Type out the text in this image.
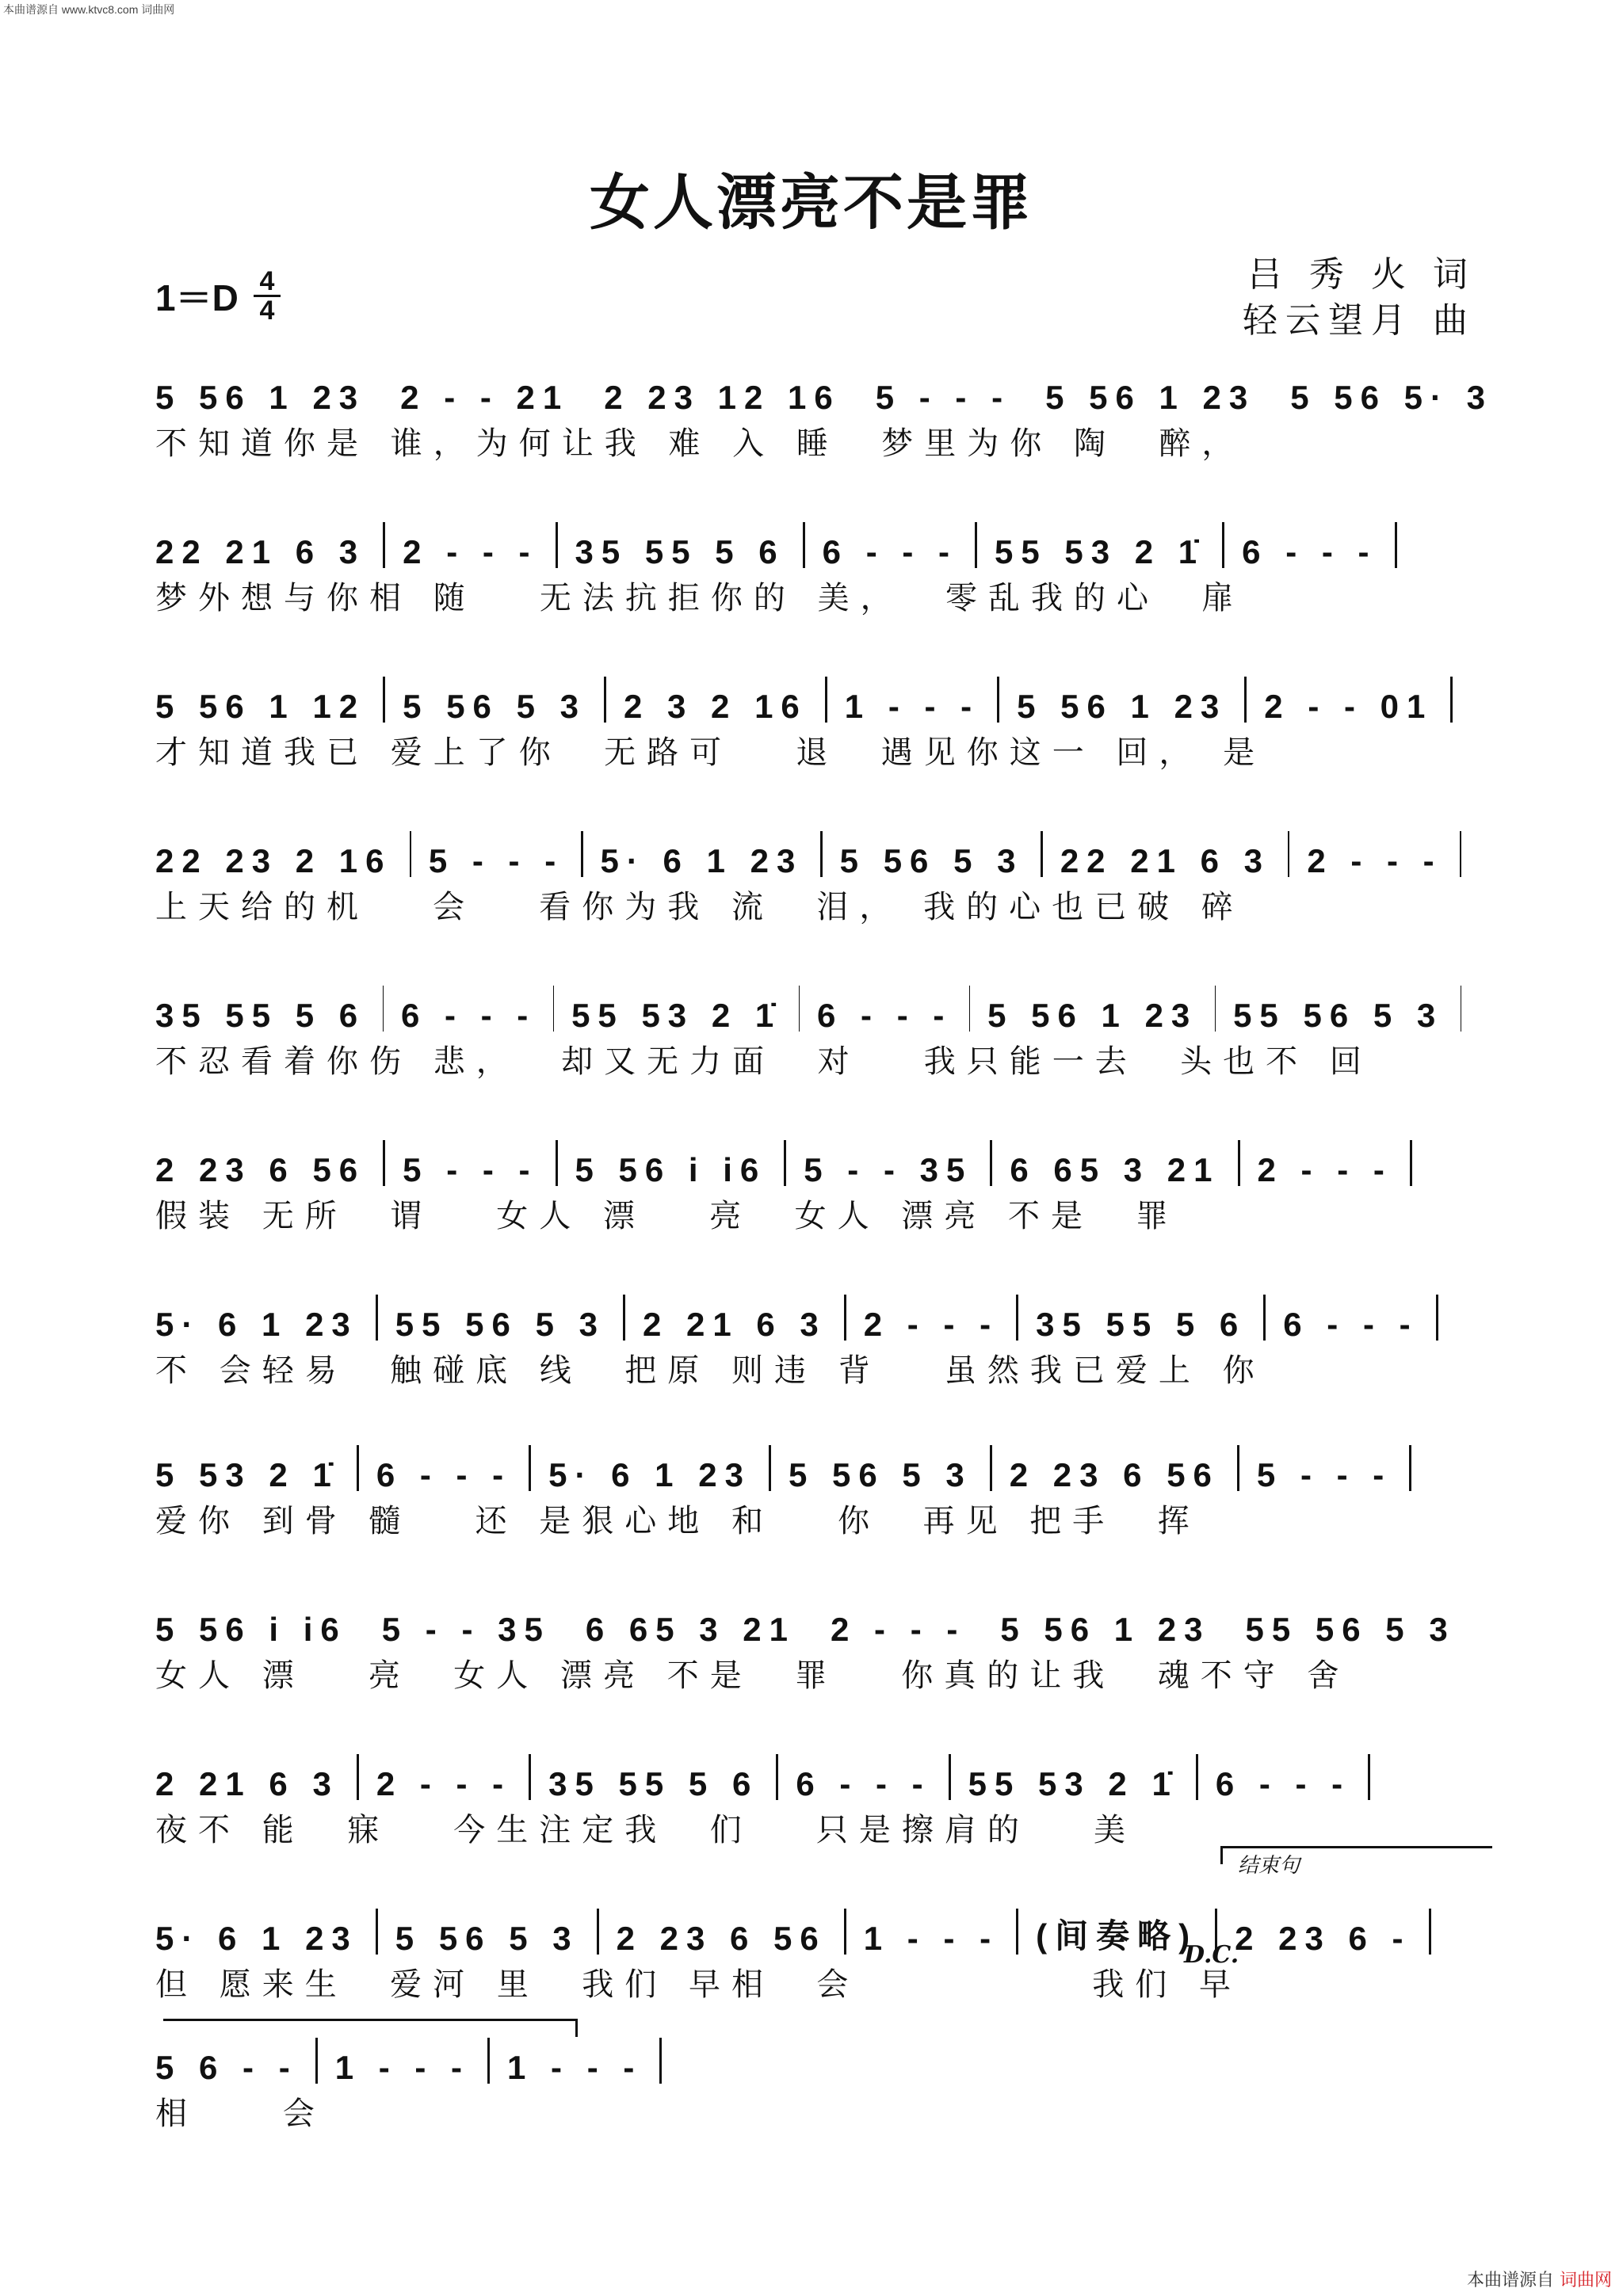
本曲谱源自 www.ktvc8.com 词曲网
女人漂亮不是罪
$1=D \frac{4}{4}$	吕 秀 火 词
轻云望月 曲
5 56 1 23 2 - - 21 2 23 12 16 5 - - - 5 56 1 23 5 56 5· 3
不知道你是 谁，为何让我 难 入 睡  梦里为你 陶  醉，
22 21 6 3 2 - - - 35 55 5 6 6 - - - 55 53 2 1̇ 6 - - -
梦外想与你相 随   无法抗拒你的 美，  零乱我的心  扉
5 56 1 12 5 56 5 3 2 3 2 16 1 - - - 5 56 1 23 2 - - 01
才知道我已 爱上了你  无路可   退  遇见你这一 回， 是
22 23 2 16 5 - - - 5· 6 1 23 5 56 5 3 22 21 6 3 2 - - -
上天给的机   会   看你为我 流  泪， 我的心也已破 碎
35 55 5 6 6 - - - 55 53 2 1̇ 6 - - - 5 56 1 23 55 56 5 3
不忍看着你伤 悲，  却又无力面  对   我只能一去  头也不 回
2 23 6 56 5 - - - 5 56 i i6 5 - - 35 6 65 3 21 2 - - -
假装 无所  谓   女人 漂   亮  女人 漂亮 不是  罪
5· 6 1 23 55 56 5 3 2 21 6 3 2 - - - 35 55 5 6 6 - - -
不 会轻易  触碰底 线  把原 则违 背   虽然我已爱上 你
5 53 2 1̇ 6 - - - 5· 6 1 23 5 56 5 3 2 23 6 56 5 - - -
爱你 到骨 髓   还 是狠心地 和   你  再见 把手  挥
5 56 i i6 5 - - 35 6 65 3 21 2 - - - 5 56 1 23 55 56 5 3
女人 漂   亮  女人 漂亮 不是  罪   你真的让我  魂不守 舍
2 21 6 3 2 - - - 35 55 5 6 6 - - - 55 53 2 1̇ 6 - - -
夜不 能  寐   今生注定我  们   只是擦肩的   美
5· 6 1 23 5 56 5 3 2 23 6 56 1 - - - (间奏略) 2 23 6 -
但 愿来生  爱河 里  我们 早相  会           我们 早
5 6 - - 1 - - - 1 - - -
相    会
结束句
D.C.
本曲谱源自 词曲网
